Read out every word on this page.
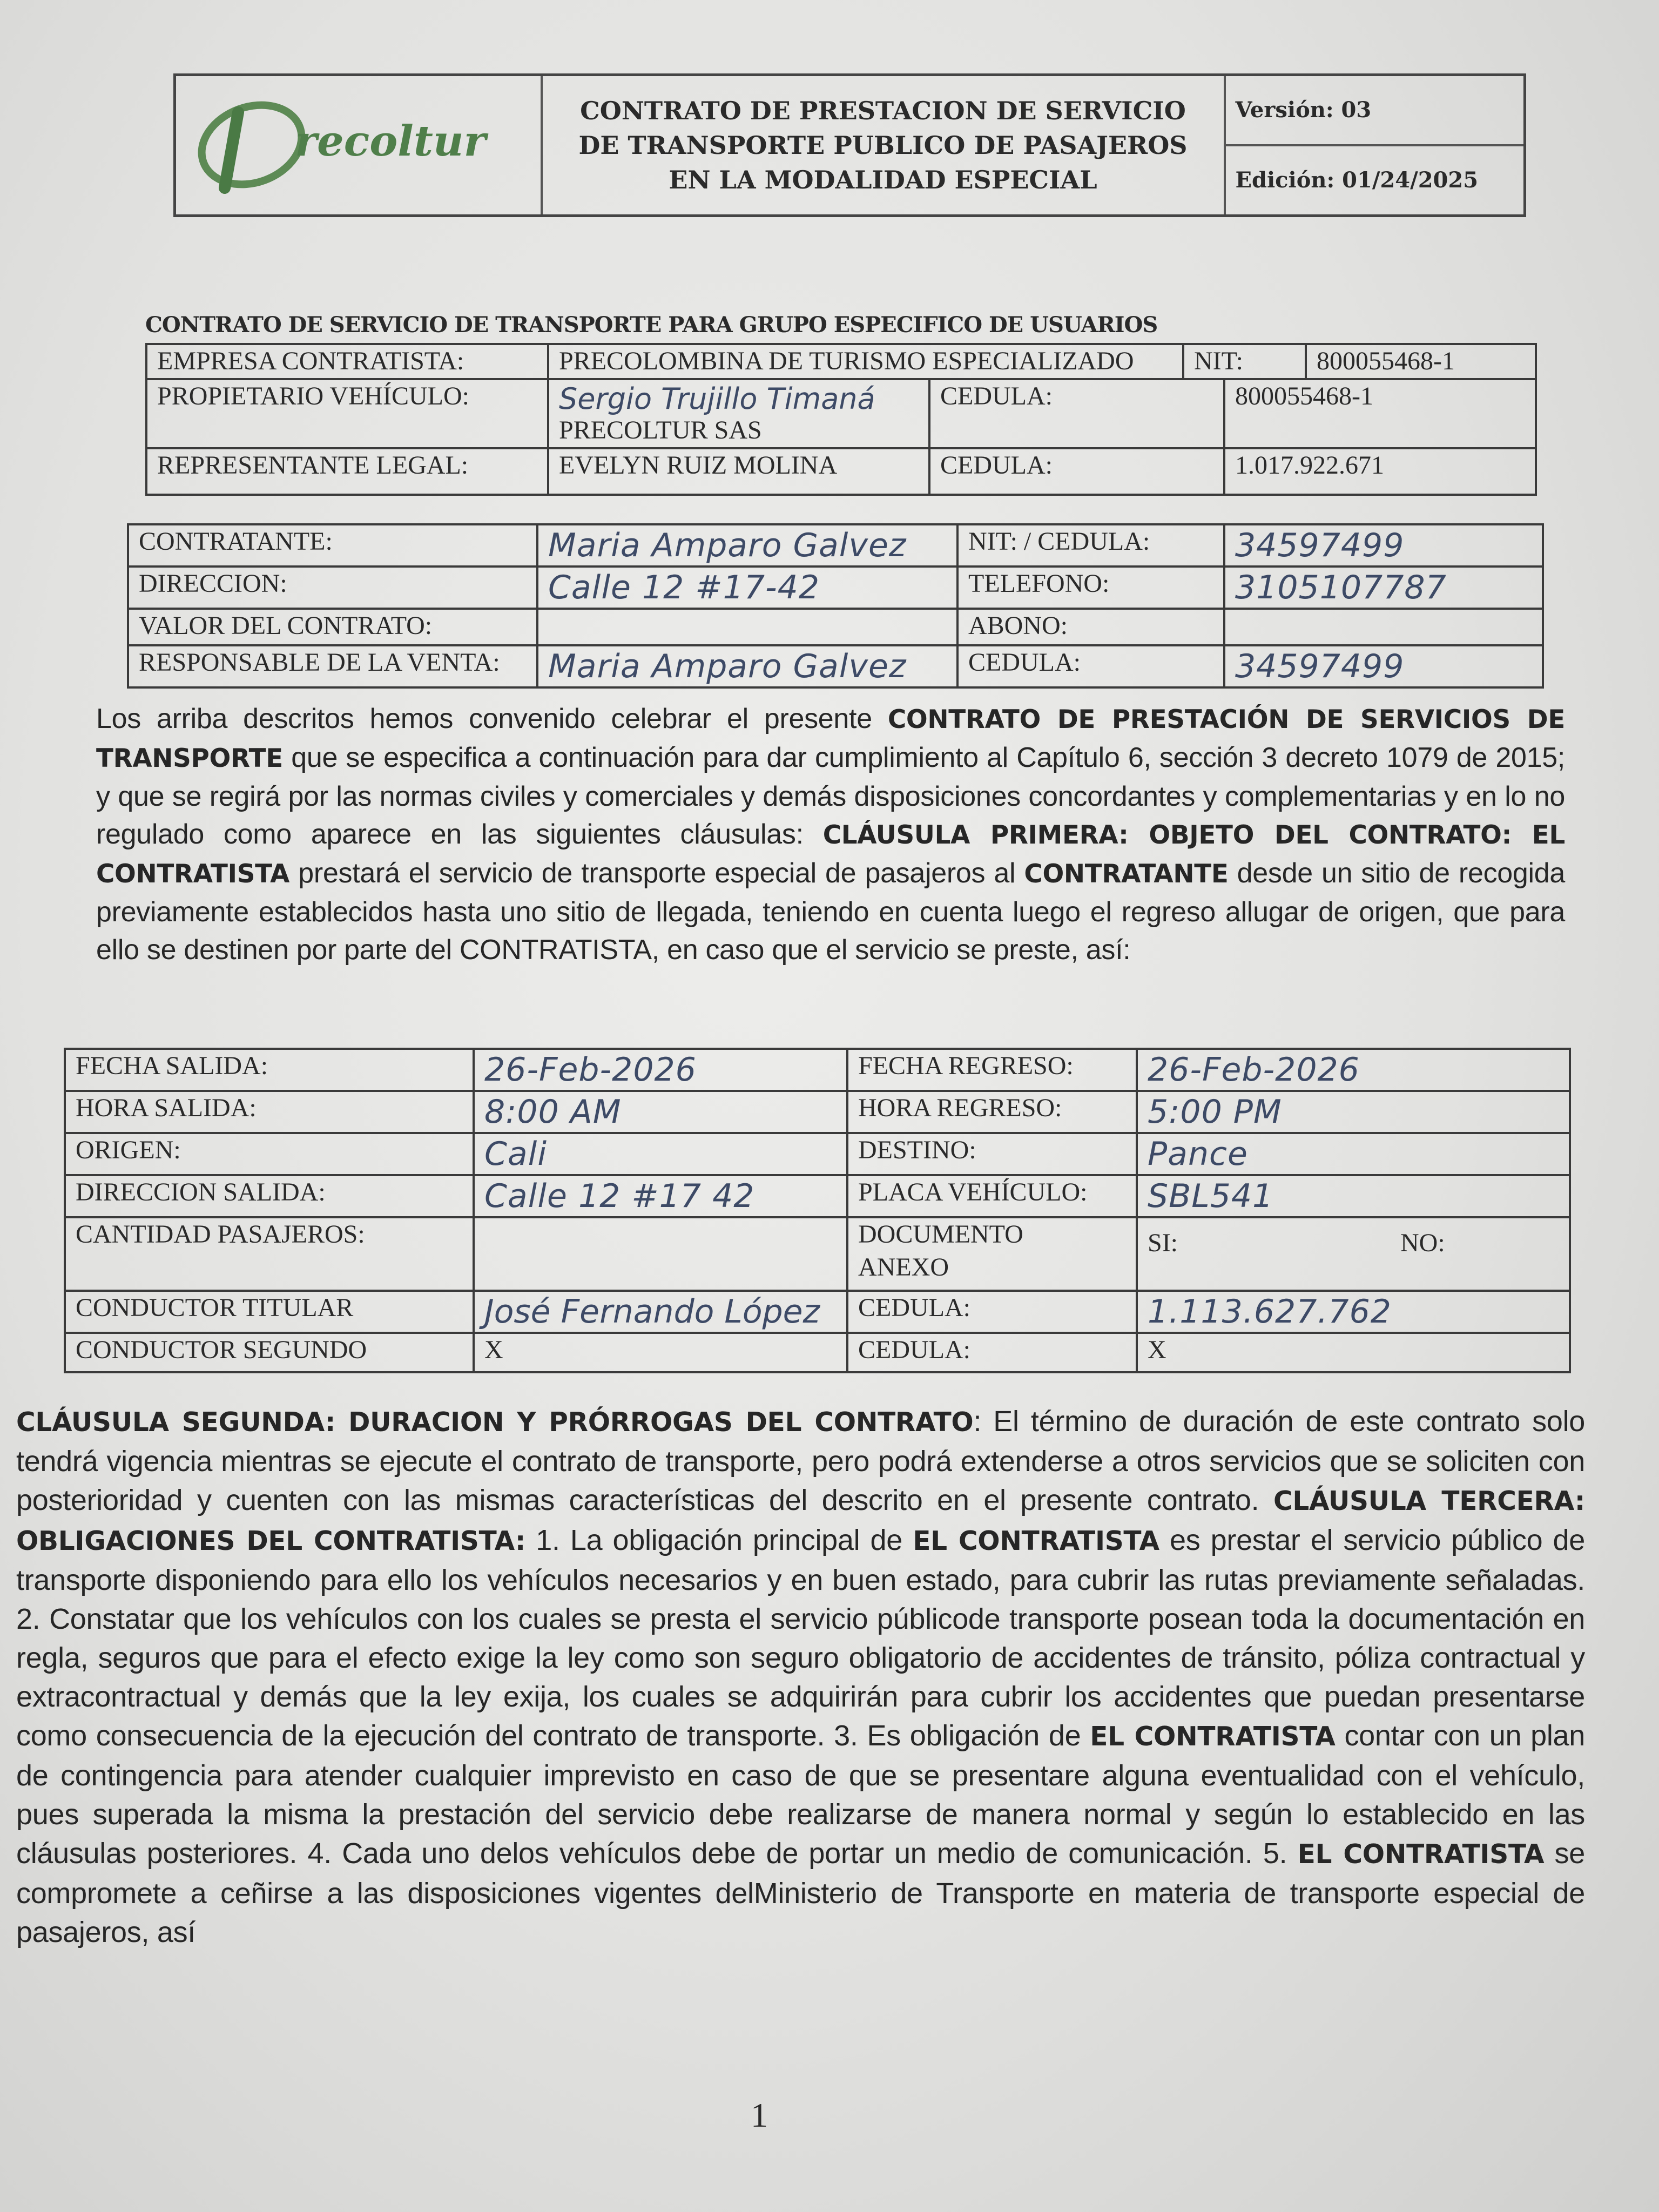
recoltur

CONTRATO DE PRESTACION DE SERVICIO
DE TRANSPORTE PUBLICO DE PASAJEROS
EN LA MODALIDAD ESPECIAL
	Versión: 03
Edición: 01/24/2025
CONTRATO DE SERVICIO DE TRANSPORTE PARA GRUPO ESPECIFICO DE USUARIOS
EMPRESA CONTRATISTA:	PRECOLOMBINA DE TURISMO ESPECIALIZADO		NIT:		800055468-1
PROPIETARIO VEHÍCULO:	Sergio Trujillo Timaná
PRECOLTUR SAS	CEDULA:		800055468-1	
REPRESENTANTE LEGAL:	EVELYN RUIZ MOLINA	CEDULA:		1.017.922.671	
CONTRATANTE:	Maria Amparo Galvez	NIT: / CEDULA:	34597499
DIRECCION:	Calle 12 #17-42	TELEFONO:	3105107787
VALOR DEL CONTRATO:		ABONO:	
RESPONSABLE DE LA VENTA:	Maria Amparo Galvez	CEDULA:	34597499
Los arriba descritos hemos convenido celebrar el presente CONTRATO DE PRESTACIÓN DE SERVICIOS DE TRANSPORTE que se especifica a continuación para dar cumplimiento al Capítulo 6, sección 3 decreto 1079 de 2015; y que se regirá por las normas civiles y comerciales y demás disposiciones concordantes y complementarias y en lo no regulado como aparece en las siguientes cláusulas: CLÁUSULA PRIMERA: OBJETO DEL CONTRATO: EL CONTRATISTA prestará el servicio de transporte especial de pasajeros al CONTRATANTE desde un sitio de recogida previamente establecidos hasta uno sitio de llegada, teniendo en cuenta luego el regreso allugar de origen, que para ello se destinen por parte del CONTRATISTA, en caso que el servicio se preste, así:
FECHA SALIDA:	26-Feb-2026	FECHA REGRESO:	26-Feb-2026
HORA SALIDA:	8:00 AM	HORA REGRESO:	5:00 PM
ORIGEN:	Cali	DESTINO:	Pance
DIRECCION SALIDA:	Calle 12 #17 42	PLACA VEHÍCULO:	SBL541
CANTIDAD PASAJEROS:		DOCUMENTO
ANEXO	SI: NO:
CONDUCTOR TITULAR	José Fernando López	CEDULA:	1.113.627.762
CONDUCTOR SEGUNDO	X	CEDULA:	X
CLÁUSULA SEGUNDA: DURACION Y PRÓRROGAS DEL CONTRATO: El término de duración de este contrato solo tendrá vigencia mientras se ejecute el contrato de transporte, pero podrá extenderse a otros servicios que se soliciten con posterioridad y cuenten con las mismas características del descrito en el presente contrato. CLÁUSULA TERCERA: OBLIGACIONES DEL CONTRATISTA: 1. La obligación principal de EL CONTRATISTA es prestar el servicio público de transporte disponiendo para ello los vehículos necesarios y en buen estado, para cubrir las rutas previamente señaladas. 2. Constatar que los vehículos con los cuales se presta el servicio públicode transporte posean toda la documentación en regla, seguros que para el efecto exige la ley como son seguro obligatorio de accidentes de tránsito, póliza contractual y extracontractual y demás que la ley exija, los cuales se adquirirán para cubrir los accidentes que puedan presentarse como consecuencia de la ejecución del contrato de transporte. 3. Es obligación de EL CONTRATISTA contar con un plan de contingencia para atender cualquier imprevisto en caso de que se presentare alguna eventualidad con el vehículo, pues superada la misma la prestación del servicio debe realizarse de manera normal y según lo establecido en las cláusulas posteriores. 4. Cada uno delos vehículos debe de portar un medio de comunicación. 5. EL CONTRATISTA se compromete a ceñirse a las disposiciones vigentes delMinisterio de Transporte en materia de transporte especial de pasajeros, así
1
